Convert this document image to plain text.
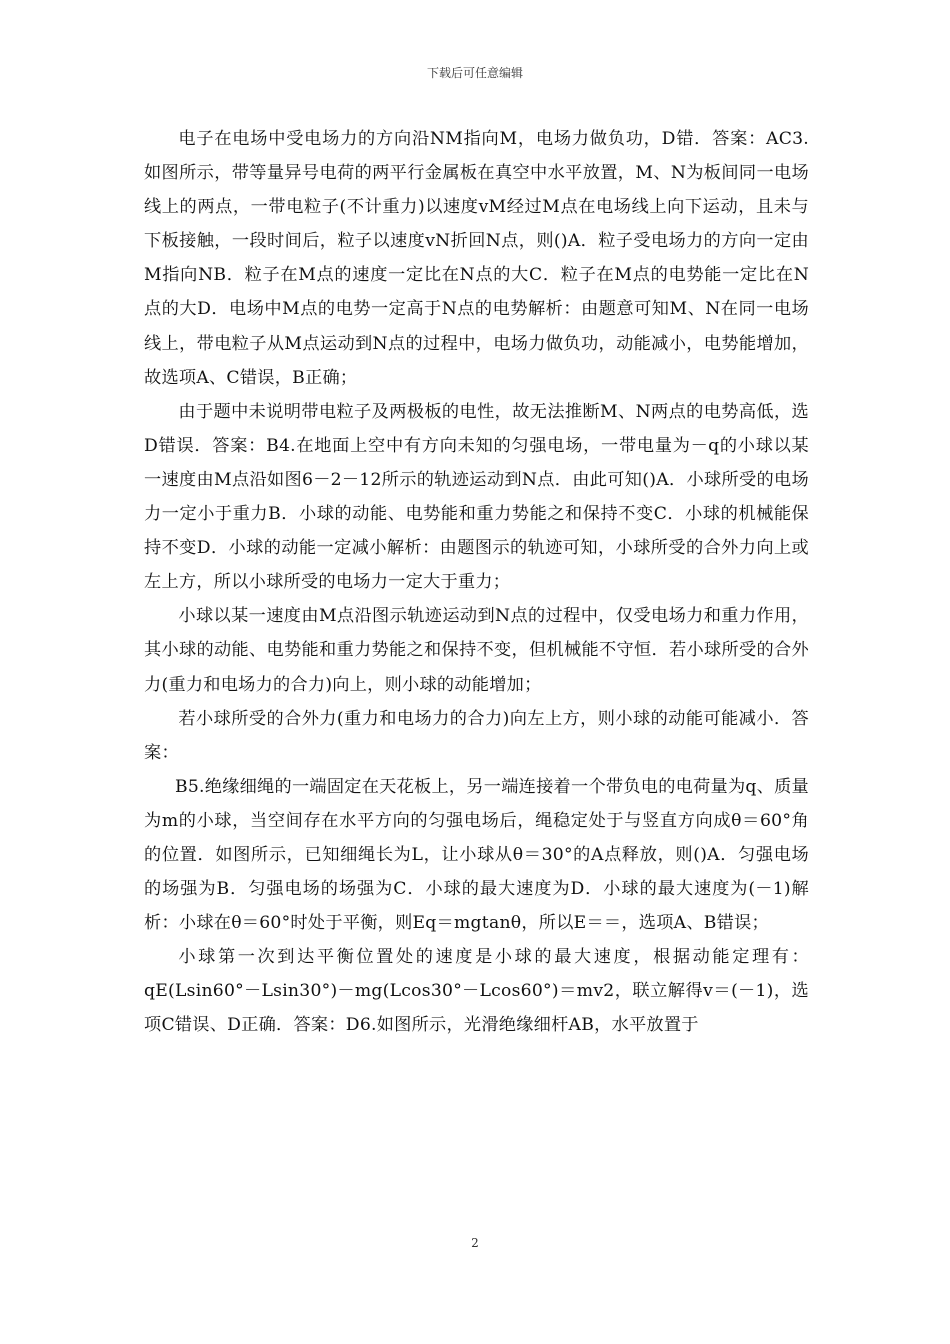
下载后可任意编辑

电子在电场中受电场力的方向沿NM指向M，电场力做负功，D错．答案：AC3.如图所示，带等量异号电荷的两平行金属板在真空中水平放置，M、N为板间同一电场线上的两点，一带电粒子(不计重力)以速度vM经过M点在电场线上向下运动，且未与下板接触，一段时间后，粒子以速度vN折回N点，则()A．粒子受电场力的方向一定由M指向NB．粒子在M点的速度一定比在N点的大C．粒子在M点的电势能一定比在N点的大D．电场中M点的电势一定高于N点的电势解析：由题意可知M、N在同一电场线上，带电粒子从M点运动到N点的过程中，电场力做负功，动能减小，电势能增加，故选项A、C错误，B正确；

由于题中未说明带电粒子及两极板的电性，故无法推断M、N两点的电势高低，选D错误．答案：B4.在地面上空中有方向未知的匀强电场，一带电量为－q的小球以某一速度由M点沿如图6－2－12所示的轨迹运动到N点．由此可知()A．小球所受的电场力一定小于重力B．小球的动能、电势能和重力势能之和保持不变C．小球的机械能保持不变D．小球的动能一定减小解析：由题图示的轨迹可知，小球所受的合外力向上或左上方，所以小球所受的电场力一定大于重力；

小球以某一速度由M点沿图示轨迹运动到N点的过程中，仅受电场力和重力作用，其小球的动能、电势能和重力势能之和保持不变，但机械能不守恒．若小球所受的合外力(重力和电场力的合力)向上，则小球的动能增加；

若小球所受的合外力(重力和电场力的合力)向左上方，则小球的动能可能减小．答案：

B5.绝缘细绳的一端固定在天花板上，另一端连接着一个带负电的电荷量为q、质量为m的小球，当空间存在水平方向的匀强电场后，绳稳定处于与竖直方向成θ＝60°角的位置．如图所示，已知细绳长为L，让小球从θ＝30°的A点释放，则()A．匀强电场的场强为B．匀强电场的场强为C．小球的最大速度为D．小球的最大速度为(－1)解析：小球在θ＝60°时处于平衡，则Eq＝mgtanθ，所以E＝＝，选项A、B错误；

小球第一次到达平衡位置处的速度是小球的最大速度，根据动能定理有：qE(Lsin60°－Lsin30°)－mg(Lcos30°－Lcos60°)＝mv2，联立解得v＝(－1)，选项C错误、D正确．答案：D6.如图所示，光滑绝缘细杆AB，水平放置于

2
